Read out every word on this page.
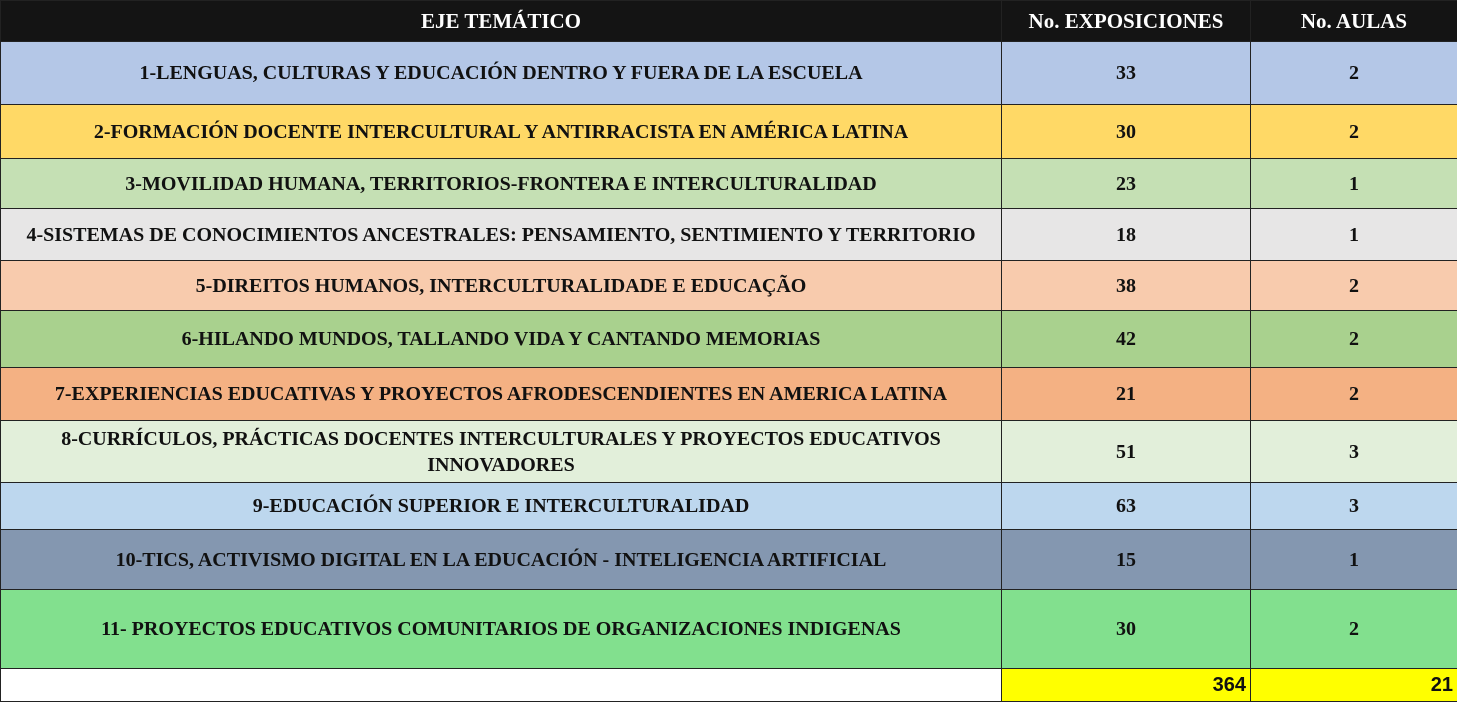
EJE TEMÁTICO	No. EXPOSICIONES	No. AULAS
1-LENGUAS, CULTURAS Y EDUCACIÓN DENTRO Y FUERA DE LA ESCUELA	33	2
2-FORMACIÓN DOCENTE INTERCULTURAL Y ANTIRRACISTA EN AMÉRICA LATINA	30	2
3-MOVILIDAD HUMANA, TERRITORIOS-FRONTERA E INTERCULTURALIDAD	23	1
4-SISTEMAS DE CONOCIMIENTOS ANCESTRALES: PENSAMIENTO, SENTIMIENTO Y TERRITORIO	18	1
5-DIREITOS HUMANOS, INTERCULTURALIDADE E EDUCAÇÃO	38	2
6-HILANDO MUNDOS, TALLANDO VIDA Y CANTANDO MEMORIAS	42	2
7-EXPERIENCIAS EDUCATIVAS Y PROYECTOS AFRODESCENDIENTES EN AMERICA LATINA	21	2
8-CURRÍCULOS, PRÁCTICAS DOCENTES INTERCULTURALES Y PROYECTOS EDUCATIVOS INNOVADORES	51	3
9-EDUCACIÓN SUPERIOR E INTERCULTURALIDAD	63	3
10-TICS, ACTIVISMO DIGITAL EN LA EDUCACIÓN - INTELIGENCIA ARTIFICIAL	15	1
11- PROYECTOS EDUCATIVOS COMUNITARIOS DE ORGANIZACIONES INDIGENAS	30	2
	364	21
